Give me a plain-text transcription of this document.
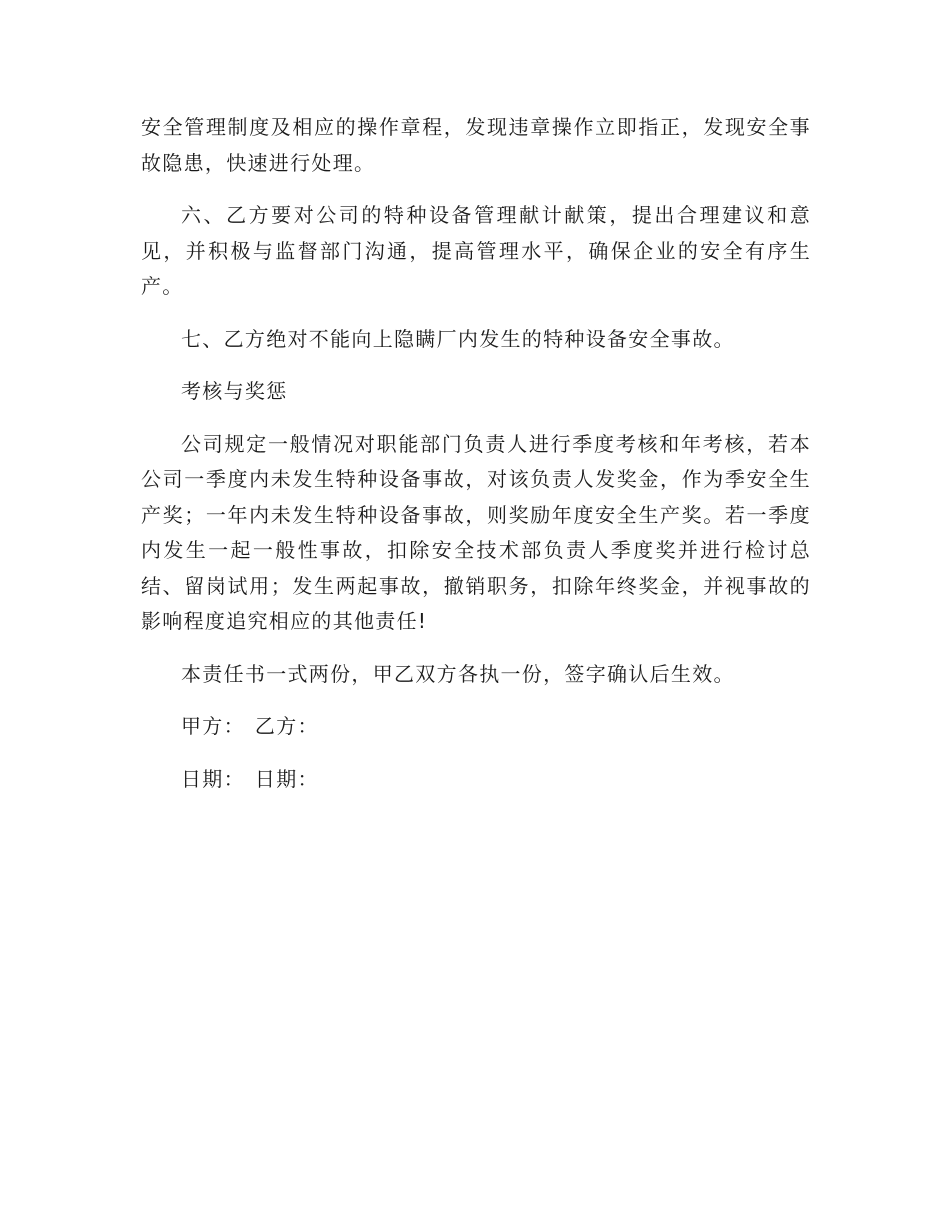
安全管理制度及相应的操作章程，发现违章操作立即指正，发现安全事故隐患，快速进行处理。

六、乙方要对公司的特种设备管理献计献策，提出合理建议和意见，并积极与监督部门沟通，提高管理水平，确保企业的安全有序生产。

七、乙方绝对不能向上隐瞒厂内发生的特种设备安全事故。

考核与奖惩

公司规定一般情况对职能部门负责人进行季度考核和年考核，若本公司一季度内未发生特种设备事故，对该负责人发奖金，作为季安全生产奖；一年内未发生特种设备事故，则奖励年度安全生产奖。若一季度内发生一起一般性事故，扣除安全技术部负责人季度奖并进行检讨总结、留岗试用；发生两起事故，撤销职务，扣除年终奖金，并视事故的影响程度追究相应的其他责任!

本责任书一式两份，甲乙双方各执一份，签字确认后生效。

甲方： 乙方：
日期： 日期：
